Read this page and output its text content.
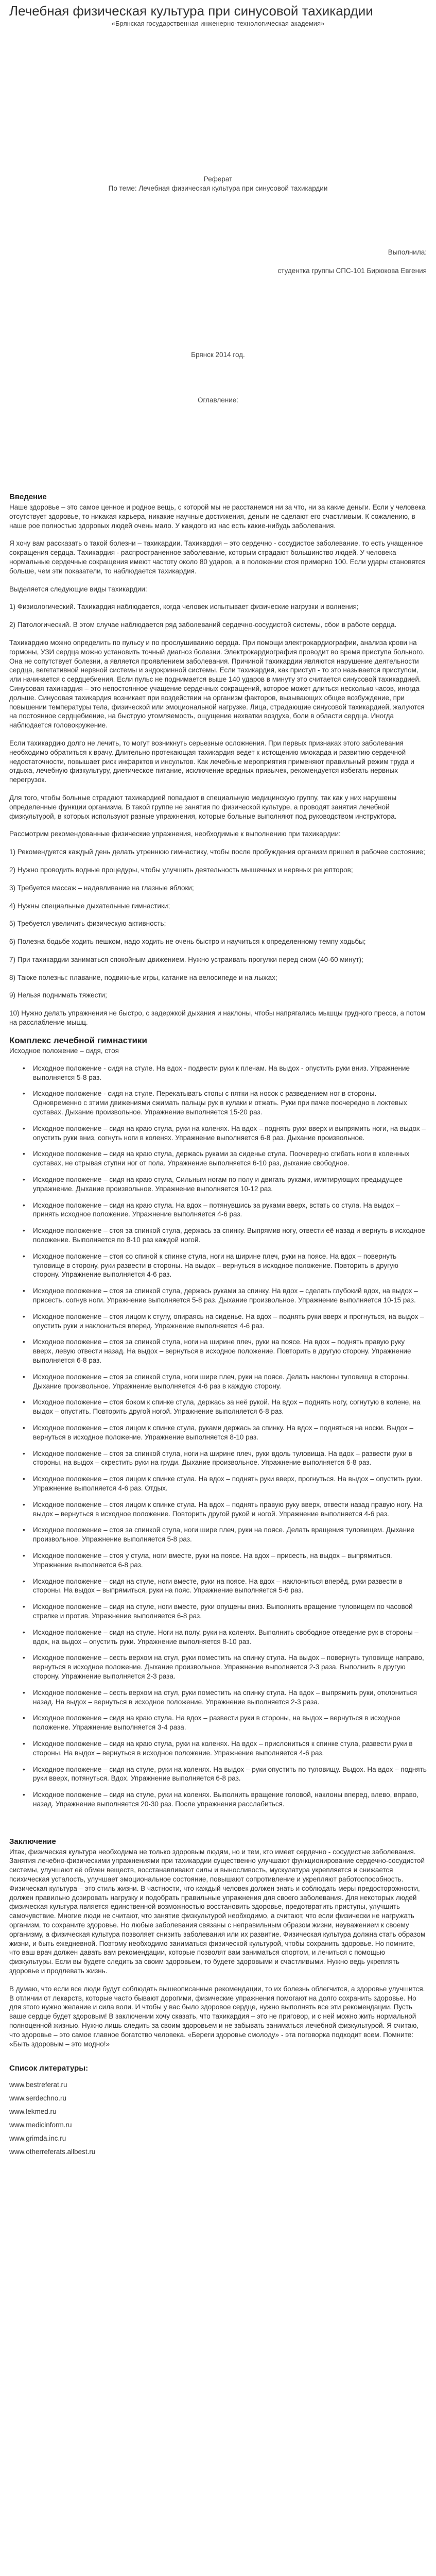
Лечебная физическая культура при синусовой тахикардии

«Брянская государственная инженерно-технологическая академия»

Реферат

По теме: Лечебная физическая культура при синусовой тахикардии

Выполнила:

студентка группы СПС-101 Бирюкова Евгения

Брянск 2014 год.

Оглавление:

Введение

Наше здоровье – это самое ценное и родное вещь, с которой мы не расстанемся ни за что, ни за какие деньги. Если у человека отсутствует здоровье, то никакая карьера, никакие научные достижения, деньги не сделают его счастливым. К сожалению, в наше рое полностью здоровых людей очень мало. У каждого из нас есть какие-нибудь заболевания.

Я хочу вам рассказать о такой болезни – тахикардии. Тахикардия – это сердечно - сосудистое заболевание, то есть учащенное сокращения сердца. Тахикардия - распространенное заболевание, которым страдают большинство людей. У человека нормальные сердечные сокращения имеют частоту около 80 ударов, а в положении стоя примерно 100. Если удары становятся больше, чем эти показатели, то наблюдается тахикардия.

Выделяется следующие виды тахикардии:

1) Физиологический. Тахикардия наблюдается, когда человек испытывает физические нагрузки и волнения;

2) Патологический. В этом случае наблюдается ряд заболеваний сердечно-сосудистой системы, сбои в работе сердца.

Тахикардию можно определить по пульсу и по прослушиванию сердца. При помощи электрокардиографии, анализа крови на гормоны, УЗИ сердца можно установить точный диагноз болезни. Электрокардиография проводит во время приступа больного. Она не сопутствует болезни, а является проявлением заболевания. Причиной тахикардии являются нарушение деятельности сердца, вегетативной нервной системы и эндокринной системы. Если тахикардия, как приступ - то это называется приступом, или начинается с сердцебиения. Если пульс не поднимается выше 140 ударов в минуту это считается синусовой тахикардией. Синусовая тахикардия – это непостоянное учащение сердечных сокращений, которое может длиться несколько часов, иногда дольше. Синусовая тахикардия возникает при воздействии на организм факторов, вызывающих общее возбуждение, при повышении температуры тела, физической или эмоциональной нагрузке. Лица, страдающие синусовой тахикардией, жалуются на постоянное сердцебиение, на быструю утомляемость, ощущение нехватки воздуха, боли в области сердца. Иногда наблюдается головокружение.

Если тахикардию долго не лечить, то могут возникнуть серьезные осложнения. При первых признаках этого заболевания необходимо обратиться к врачу. Длительно протекающая тахикардия ведет к истощению миокарда и развитию сердечной недостаточности, повышает риск инфарктов и инсультов. Как лечебные мероприятия применяют правильный режим труда и отдыха, лечебную физкультуру, диетическое питание, исключение вредных привычек, рекомендуется избегать нервных перегрузок.

Для того, чтобы больные страдают тахикардией попадают в специальную медицинскую группу, так как у них нарушены определенные функции организма. В такой группе не занятия по физической культуре, а проводят занятия лечебной физкультурой, в которых используют разные упражнения, которые больные выполняют под руководством инструктора.

Рассмотрим рекомендованные физические упражнения, необходимые к выполнению при тахикардии:

1) Рекомендуется каждый день делать утреннюю гимнастику, чтобы после пробуждения организм пришел в рабочее состояние;

2) Нужно проводить водные процедуры, чтобы улучшить деятельность мышечных и нервных рецепторов;

3) Требуется массаж – надавливание на глазные яблоки;

4) Нужны специальные дыхательные гимнастики;

5) Требуется увеличить физическую активность;

6) Полезна бодьбе ходить пешком, надо ходить не очень быстро и научиться к определенному темпу ходьбы;

7) При тахикардии заниматься спокойным движением. Нужно устраивать прогулки перед сном (40-60 минут);

8) Также полезны: плавание, подвижные игры, катание на велосипеде и на лыжах;

9) Нельзя поднимать тяжести;

10) Нужно делать упражнения не быстро, с задержкой дыхания и наклоны, чтобы напрягались мышцы грудного пресса, а потом на расслабление мышц.

Комплекс лечебной гимнастики

Исходное положение – сидя, стоя

• Исходное положение - сидя на стуле. На вдох - подвести руки к плечам. На выдох - опустить руки вниз. Упражнение выполняется 5-8 раз.
• Исходное положение - сидя на стуле. Перекатывать стопы с пятки на носок с разведением ног в стороны. Одновременно с этими движениями сжимать пальцы рук в кулаки и отжать. Руки при пачке поочередно в локтевых суставах. Дыхание произвольное. Упражнение выполняется 15-20 раз.
• Исходное положение – сидя на краю стула, руки на коленях. На вдох – поднять руки вверх и выпрямить ноги, на выдох – опустить руки вниз, согнуть ноги в коленях. Упражнение выполняется 6-8 раз. Дыхание произвольное.
• Исходное положение – сидя на краю стула, держась руками за сиденье стула. Поочередно сгибать ноги в коленных суставах, не отрывая ступни ног от пола. Упражнение выполняется 6-10 раз, дыхание свободное.
• Исходное положение – сидя на краю стула, Сильным ногам по полу и двигать руками, имитирующих предыдущее упражнение. Дыхание произвольное. Упражнение выполняется 10-12 раз.
• Исходное положение – сидя на краю стула. На вдох – потянувшись за руками вверх, встать со стула. На выдох – принять исходное положение. Упражнение выполняется 4-6 раз.
• Исходное положение – стоя за спинкой стула, держась за спинку. Выпрямив ногу, отвести её назад и вернуть в исходное положение. Выполняется по 8-10 раз каждой ногой.
• Исходное положение – стоя со спиной к спинке стула, ноги на ширине плеч, руки на поясе. На вдох – повернуть туловище в сторону, руки развести в стороны. На выдох – вернуться в исходное положение. Повторить в другую сторону. Упражнение выполняется 4-6 раз.
• Исходное положение – стоя за спинкой стула, держась руками за спинку. На вдох – сделать глубокий вдох, на выдох – присесть, согнув ноги. Упражнение выполняется 5-8 раз. Дыхание произвольное. Упражнение выполняется 10-15 раз.
• Исходное положение – стоя лицом к стулу, опираясь на сиденье. На вдох – поднять руки вверх и прогнуться, на выдох – опустить руки и наклониться вперед. Упражнение выполняется 4-6 раз.
• Исходное положение – стоя за спинкой стула, ноги на ширине плеч, руки на поясе. На вдох – поднять правую руку вверх, левую отвести назад. На выдох – вернуться в исходное положение. Повторить в другую сторону. Упражнение выполняется 6-8 раз.
• Исходное положение – стоя за спинкой стула, ноги шире плеч, руки на поясе. Делать наклоны туловища в стороны. Дыхание произвольное. Упражнение выполняется 4-6 раз в каждую сторону.
• Исходное положение – стоя боком к спинке стула, держась за неё рукой. На вдох – поднять ногу, согнутую в колене, на выдох – опустить. Повторить другой ногой. Упражнение выполняется 6-8 раз.
• Исходное положение – стоя лицом к спинке стула, руками держась за спинку. На вдох – подняться на носки. Выдох – вернуться в исходное положение. Упражнение выполняется 8-10 раз.
• Исходное положение – стоя за спинкой стула, ноги на ширине плеч, руки вдоль туловища. На вдох – развести руки в стороны, на выдох – скрестить руки на груди. Дыхание произвольное. Упражнение выполняется 6-8 раз.
• Исходное положение – стоя лицом к спинке стула. На вдох – поднять руки вверх, прогнуться. На выдох – опустить руки. Упражнение выполняется 4-6 раз. Отдых.
• Исходное положение – стоя лицом к спинке стула. На вдох – поднять правую руку вверх, отвести назад правую ногу. На выдох – вернуться в исходное положение. Повторить другой рукой и ногой. Упражнение выполняется 4-6 раз.
• Исходное положение – стоя за спинкой стула, ноги шире плеч, руки на поясе. Делать вращения туловищем. Дыхание произвольное. Упражнение выполняется 5-8 раз.
• Исходное положение – стоя у стула, ноги вместе, руки на поясе. На вдох – присесть, на выдох – выпрямиться. Упражнение выполняется 6-8 раз.
• Исходное положение – сидя на стуле, ноги вместе, руки на поясе. На вдох – наклониться вперёд, руки развести в стороны. На выдох – выпрямиться, руки на пояс. Упражнение выполняется 5-6 раз.
• Исходное положение – сидя на стуле, ноги вместе, руки опущены вниз. Выполнить вращение туловищем по часовой стрелке и против. Упражнение выполняется 6-8 раз.
• Исходное положение – сидя на стуле. Ноги на полу, руки на коленях. Выполнить свободное отведение рук в стороны – вдох, на выдох – опустить руки. Упражнение выполняется 8-10 раз.
• Исходное положение – сесть верхом на стул, руки поместить на спинку стула. На выдох – повернуть туловище направо, вернуться в исходное положение. Дыхание произвольное. Упражнение выполняется 2-3 раза. Выполнить в другую сторону. Упражнение выполняется 2-3 раза.
• Исходное положение – сесть верхом на стул, руки поместить на спинку стула. На вдох – выпрямить руки, отклониться назад. На выдох – вернуться в исходное положение. Упражнение выполняется 2-3 раза.
• Исходное положение – сидя на краю стула. На вдох – развести руки в стороны, на выдох – вернуться в исходное положение. Упражнение выполняется 3-4 раза.
• Исходное положение – сидя на краю стула, руки на коленях. На вдох – прислониться к спинке стула, развести руки в стороны. На выдох – вернуться в исходное положение. Упражнение выполняется 4-6 раз.
• Исходное положение – сидя на стуле, руки на коленях. На выдох – руки опустить по туловищу. Выдох. На вдох – поднять руки вверх, потянуться. Вдох. Упражнение выполняется 6-8 раз.
• Исходное положение – сидя на стуле, руки на коленях. Выполнить вращение головой, наклоны вперед, влево, вправо, назад. Упражнение выполняется 20-30 раз. После упражнения расслабиться.
Заключение

Итак, физическая культура необходима не только здоровым людям, но и тем, кто имеет сердечно - сосудистые заболевания. Занятия лечебно-физическими упражнениями при тахикардии существенно улучшают функционирование сердечно-сосудистой системы, улучшают её обмен веществ, восстанавливают силы и выносливость, мускулатура укрепляется и снижается психическая усталость, улучшает эмоциональное состояние, повышают сопротивление и укрепляют работоспособность. Физическая культура – это стиль жизни. В частности, что каждый человек должен знать и соблюдать меры предосторожности, должен правильно дозировать нагрузку и подобрать правильные упражнения для своего заболевания. Для некоторых людей физическая культура является единственной возможностью восстановить здоровье, предотвратить приступы, улучшить самочувствие. Многие люди не считают, что занятие физкультурой необходимо, а считают, что если физически не нагружать организм, то сохраните здоровье. Но любые заболевания связаны с неправильным образом жизни, неуважением к своему организму, а физическая культура позволяет снизить заболевания или их развитие. Физическая культура должна стать образом жизни, и быть ежедневной. Поэтому необходимо заниматься физической культурой, чтобы сохранить здоровье. Но помните, что ваш врач должен давать вам рекомендации, которые позволят вам заниматься спортом, и лечиться с помощью физкультуры. Если вы будете следить за своим здоровьем, то будете здоровыми и счастливыми. Нужно ведь укреплять здоровье и продлевать жизнь.

В думаю, что если все люди будут соблюдать вышеописанные рекомендации, то их болезнь облегчится, а здоровье улучшится. В отличии от лекарств, которые часто бывают дорогими, физические упражнения помогают на долго сохранить здоровье. Но для этого нужно желание и сила воли. И чтобы у вас было здоровое сердце, нужно выполнять все эти рекомендации. Пусть ваше сердце будет здоровым! В заключении хочу сказать, что тахикардия – это не приговор, и с ней можно жить нормальной полноценной жизнью. Нужно лишь следить за своим здоровьем и не забывать заниматься лечебной физкультурой. Я считаю, что здоровье – это самое главное богатство человека. «Береги здоровье смолоду» - эта поговорка подходит всем. Помните: «Быть здоровым – это модно!»

Список литературы:
www.bestreferat.ru
www.serdechno.ru
www.lekmed.ru
www.medicinform.ru
www.grimda.inc.ru
www.otherreferats.allbest.ru
